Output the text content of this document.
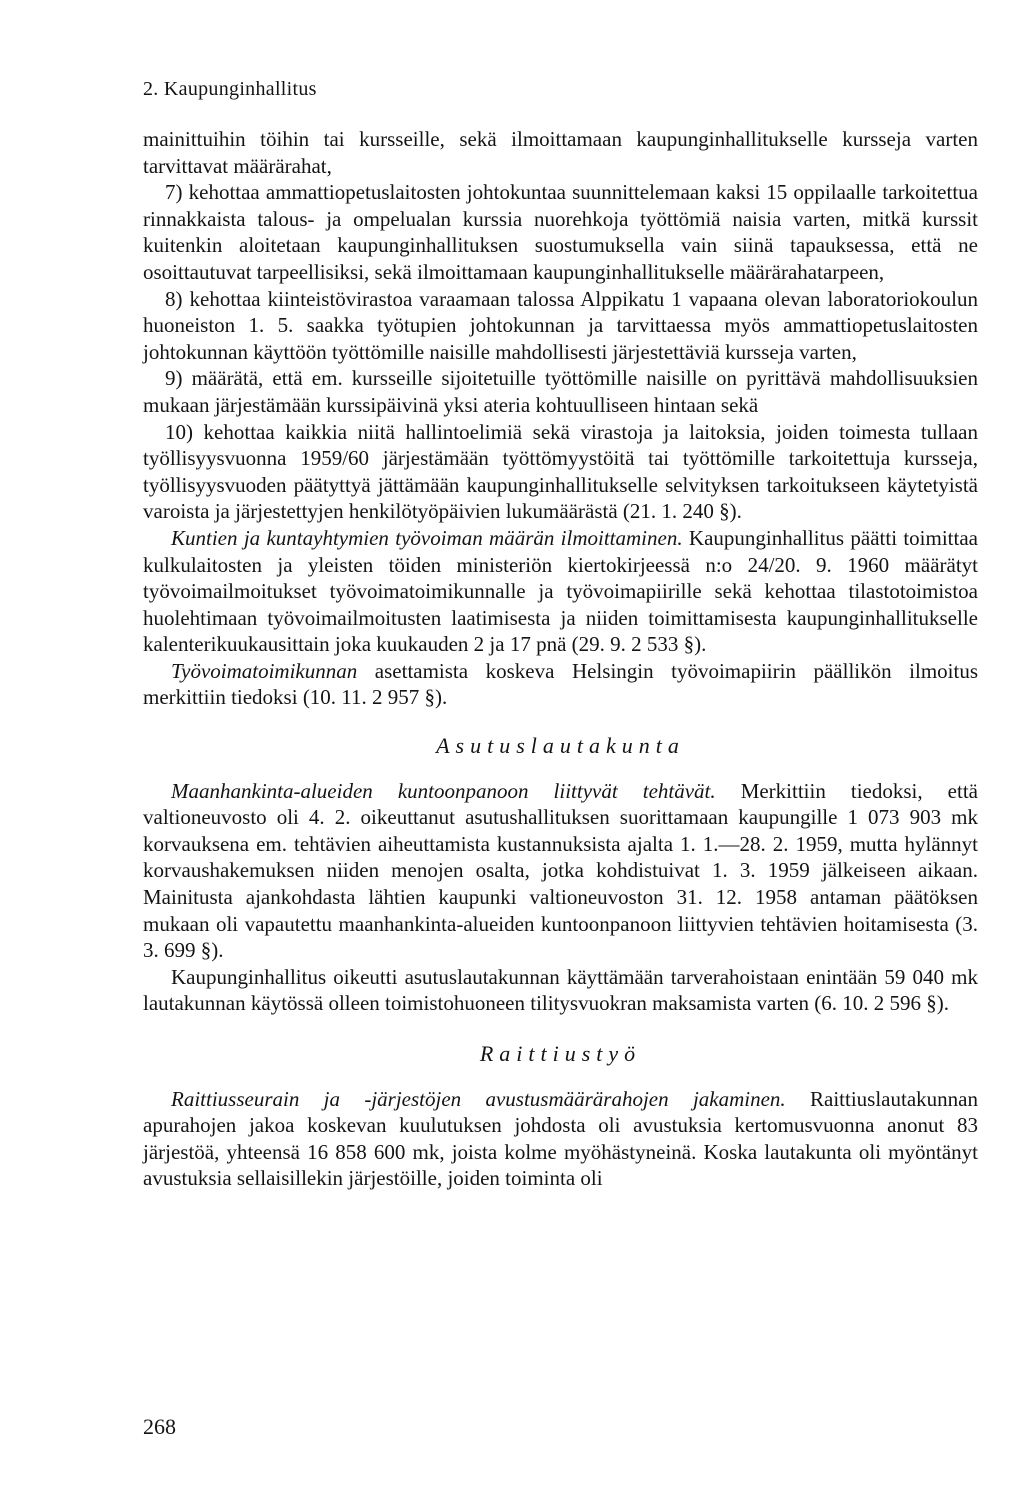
2. Kaupunginhallitus

mainittuihin töihin tai kursseille, sekä ilmoittamaan kaupunginhallitukselle kursseja varten tarvittavat määrärahat,

7) kehottaa ammattiopetuslaitosten johtokuntaa suunnittelemaan kaksi 15 oppilaalle tarkoitettua rinnakkaista talous- ja ompelualan kurssia nuorehkoja työttömiä naisia varten, mitkä kurssit kuitenkin aloitetaan kaupunginhallituksen suostumuksella vain siinä tapauksessa, että ne osoittautuvat tarpeellisiksi, sekä ilmoittamaan kaupunginhallitukselle määrärahatarpeen,

8) kehottaa kiinteistövirastoa varaamaan talossa Alppikatu 1 vapaana olevan laboratoriokoulun huoneiston 1. 5. saakka työtupien johtokunnan ja tarvittaessa myös ammattiopetuslaitosten johtokunnan käyttöön työttömille naisille mahdollisesti järjestettäviä kursseja varten,

9) määrätä, että em. kursseille sijoitetuille työttömille naisille on pyrittävä mahdollisuuksien mukaan järjestämään kurssipäivinä yksi ateria kohtuulliseen hintaan sekä

10) kehottaa kaikkia niitä hallintoelimiä sekä virastoja ja laitoksia, joiden toimesta tullaan työllisyysvuonna 1959/60 järjestämään työttömyystöitä tai työttömille tarkoitettuja kursseja, työllisyysvuoden päätyttyä jättämään kaupunginhallitukselle selvityksen tarkoitukseen käytetyistä varoista ja järjestettyjen henkilötyöpäivien lukumäärästä (21. 1. 240 §).

Kuntien ja kuntayhtymien työvoiman määrän ilmoittaminen. Kaupunginhallitus päätti toimittaa kulkulaitosten ja yleisten töiden ministeriön kiertokirjeessä n:o 24/20. 9. 1960 määrätyt työvoimailmoitukset työvoimatoimikunnalle ja työvoimapiirille sekä kehottaa tilastotoimistoa huolehtimaan työvoimailmoitusten laatimisesta ja niiden toimittamisesta kaupunginhallitukselle kalenterikuukausittain joka kuukauden 2 ja 17 pnä (29. 9. 2 533 §).

Työvoimatoimikunnan asettamista koskeva Helsingin työvoimapiirin päällikön ilmoitus merkittiin tiedoksi (10. 11. 2 957 §).

Asutuslautakunta

Maanhankinta-alueiden kuntoonpanoon liittyvät tehtävät. Merkittiin tiedoksi, että valtioneuvosto oli 4. 2. oikeuttanut asutushallituksen suorittamaan kaupungille 1 073 903 mk korvauksena em. tehtävien aiheuttamista kustannuksista ajalta 1. 1.—28. 2. 1959, mutta hylännyt korvaushakemuksen niiden menojen osalta, jotka kohdistuivat 1. 3. 1959 jälkeiseen aikaan. Mainitusta ajankohdasta lähtien kaupunki valtioneuvoston 31. 12. 1958 antaman päätöksen mukaan oli vapautettu maanhankinta-alueiden kuntoonpanoon liittyvien tehtävien hoitamisesta (3. 3. 699 §).

Kaupunginhallitus oikeutti asutuslautakunnan käyttämään tarverahoistaan enintään 59 040 mk lautakunnan käytössä olleen toimistohuoneen tilitysvuokran maksamista varten (6. 10. 2 596 §).

Raittiustyö

Raittiusseurain ja -järjestöjen avustusmäärärahojen jakaminen. Raittiuslautakunnan apurahojen jakoa koskevan kuulutuksen johdosta oli avustuksia kertomusvuonna anonut 83 järjestöä, yhteensä 16 858 600 mk, joista kolme myöhästyneinä. Koska lautakunta oli myöntänyt avustuksia sellaisillekin järjestöille, joiden toiminta oli

268
